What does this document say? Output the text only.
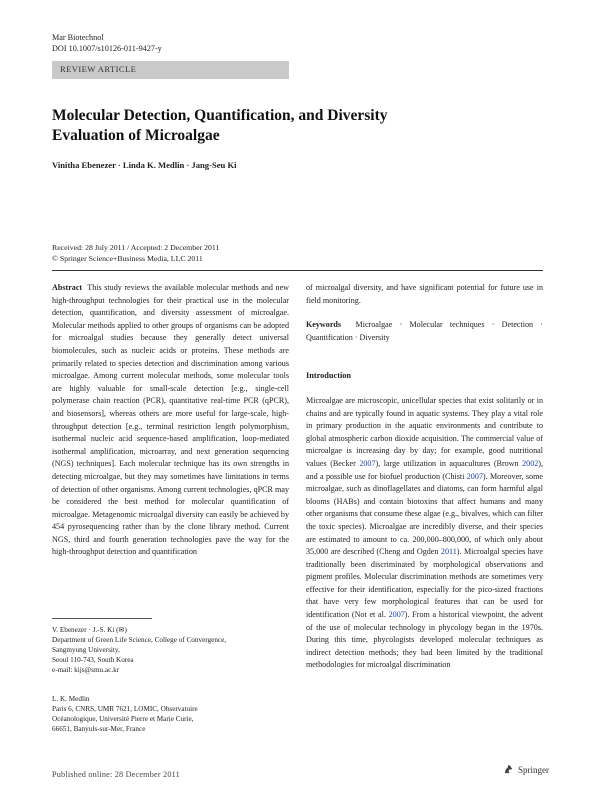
Mar Biotechnol
DOI 10.1007/s10126-011-9427-y
REVIEW ARTICLE
Molecular Detection, Quantification, and Diversity
Evaluation of Microalgae
Vinitha Ebenezer · Linda K. Medlin · Jang-Seu Ki
Received: 28 July 2011 / Accepted: 2 December 2011
© Springer Science+Business Media, LLC 2011

Abstract This study reviews the available molecular methods and new high-throughput technologies for their practical use in the molecular detection, quantification, and diversity assessment of microalgae. Molecular methods applied to other groups of organisms can be adopted for microalgal studies because they generally detect universal biomolecules, such as nucleic acids or proteins. These methods are primarily related to species detection and discrimination among various microalgae. Among current molecular methods, some molecular tools are highly valuable for small-scale detection [e.g., single-cell polymerase chain reaction (PCR), quantitative real-time PCR (qPCR), and biosensors], whereas others are more useful for large-scale, high-throughput detection [e.g., terminal restriction length polymorphism, isothermal nucleic acid sequence-based amplification, loop-mediated isothermal amplification, microarray, and next generation sequencing (NGS) techniques]. Each molecular technique has its own strengths in detecting microalgae, but they may sometimes have limitations in terms of detection of other organisms. Among current technologies, qPCR may be considered the best method for molecular quantification of microalgae. Metagenomic microalgal diversity can easily be achieved by 454 pyrosequencing rather than by the clone library method. Current NGS, third and fourth generation technologies pave the way for the high-throughput detection and quantification

V. Ebenezer · J.-S. Ki (✉)
Department of Green Life Science, College of Convergence,
Sangmyung University,
Seoul 110-743, South Korea
e-mail: kijs@smu.ac.kr
L. K. Medlin
Paris 6, CNRS, UMR 7621, LOMIC, Observatoire
Océanologique, Université Pierre et Marie Curie,
66651, Banyuls-sur-Mer, France

of microalgal diversity, and have significant potential for future use in field monitoring.

Keywords Microalgae · Molecular techniques · Detection · Quantification · Diversity

Introduction

Microalgae are microscopic, unicellular species that exist solitarily or in chains and are typically found in aquatic systems. They play a vital role in primary production in the aquatic environments and contribute to global atmospheric carbon dioxide acquisition. The commercial value of microalgae is increasing day by day; for example, good nutritional values (Becker 2007), large utilization in aquacultures (Brown 2002), and a possible use for biofuel production (Chisti 2007). Moreover, some microalgae, such as dinoflagellates and diatoms, can form harmful algal blooms (HABs) and contain biotoxins that affect humans and many other organisms that consume these algae (e.g., bivalves, which can filter the toxic species). Microalgae are incredibly diverse, and their species are estimated to amount to ca. 200,000–800,000, of which only about 35,000 are described (Cheng and Ogden 2011). Microalgal species have traditionally been discriminated by morphological observations and pigment profiles. Molecular discrimination methods are sometimes very effective for their identification, especially for the pico-sized fractions that have very few morphological features that can be used for identification (Not et al. 2007). From a historical viewpoint, the advent of the use of molecular technology in phycology began in the 1970s. During this time, phycologists developed molecular techniques as indirect detection methods; they had been limited by the traditional methodologies for microalgal discrimination

Published online: 28 December 2011	Springer
